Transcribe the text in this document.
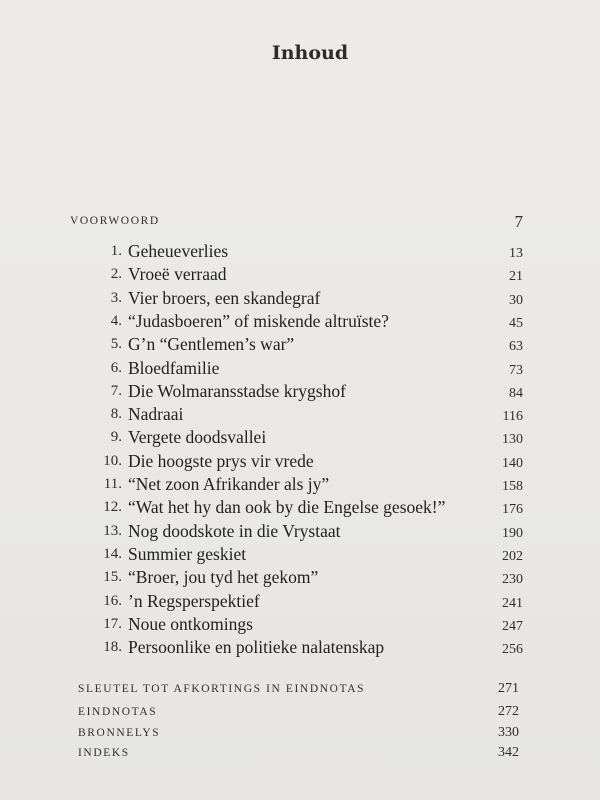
Inhoud
VOORWOORD	7
1. Geheueverlies	13
2. Vroeë verraad	21
3. Vier broers, een skandegraf	30
4. “Judasboeren” of miskende altruïste?	45
5. G’n “Gentlemen’s war”	63
6. Bloedfamilie	73
7. Die Wolmaransstadse krygshof	84
8. Nadraai	116
9. Vergete doodsvallei	130
10. Die hoogste prys vir vrede	140
11. “Net zoon Afrikander als jy”	158
12. “Wat het hy dan ook by die Engelse gesoek!”	176
13. Nog doodskote in die Vrystaat	190
14. Summier geskiet	202
15. “Broer, jou tyd het gekom”	230
16. ’n Regsperspektief	241
17. Noue ontkomings	247
18. Persoonlike en politieke nalatenskap	256
SLEUTEL TOT AFKORTINGS IN EINDNOTAS	271
EINDNOTAS	272
BRONNELYS	330
INDEKS	342
